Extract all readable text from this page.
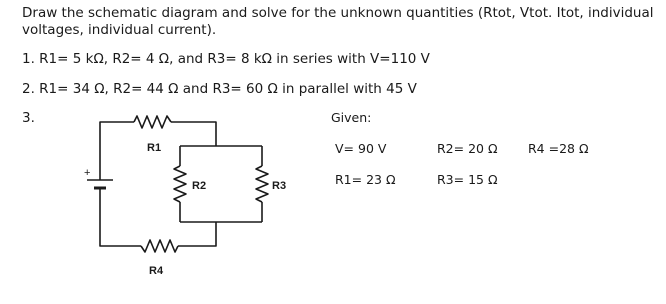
Draw the schematic diagram and solve for the unknown quantities (Rtot, Vtot. Itot, individual voltages, individual current).
1. R1= 5 kΩ, R2= 4 Ω, and R3= 8 kΩ in series with V=110 V
2. R1= 34 Ω, R2= 44 Ω and R3= 60 Ω in parallel with 45 V
3.
+
R1
R2	R3
R4
Given:
V= 90 V
R1= 23 Ω
R2= 20 Ω
R3= 15 Ω
R4 =28 Ω
